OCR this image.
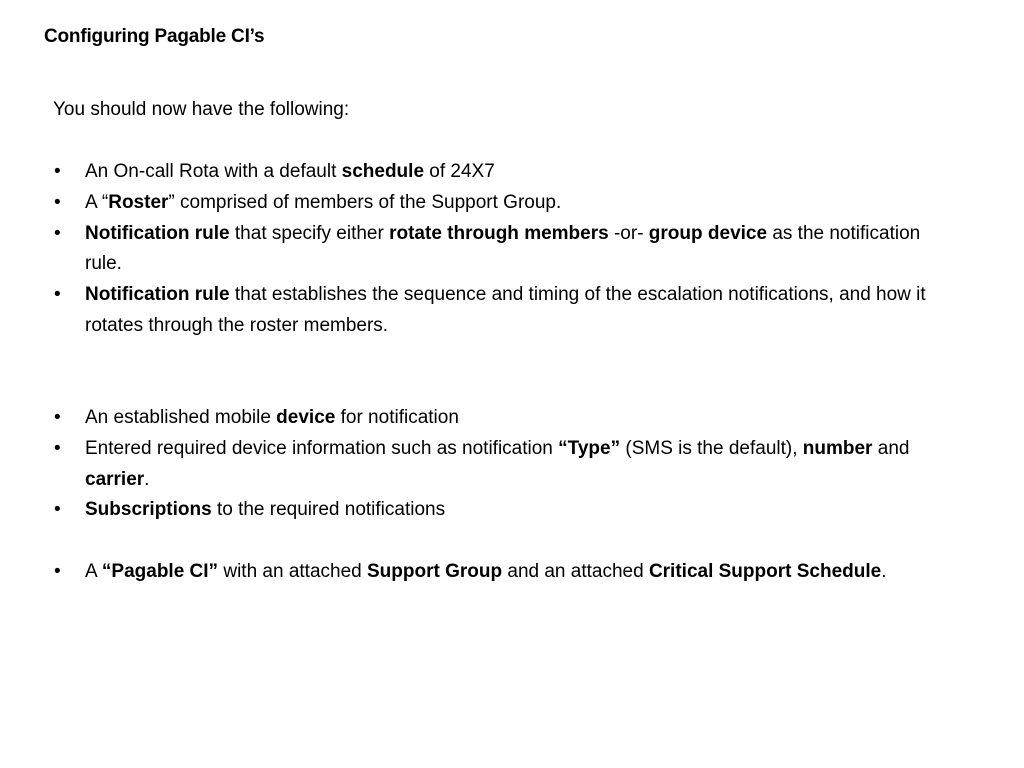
Configuring Pagable CI’s
You should now have the following:
• An On-call Rota with a default schedule of 24X7
• A “Roster” comprised of members of the Support Group.
• Notification rule that specify either rotate through members -or- group device as the notification rule.
• Notification rule that establishes the sequence and timing of the escalation notifications, and how it rotates through the roster members.
• An established mobile device for notification
• Entered required device information such as notification “Type” (SMS is the default), number and carrier.
• Subscriptions to the required notifications
• A “Pagable CI” with an attached Support Group and an attached Critical Support Schedule.
